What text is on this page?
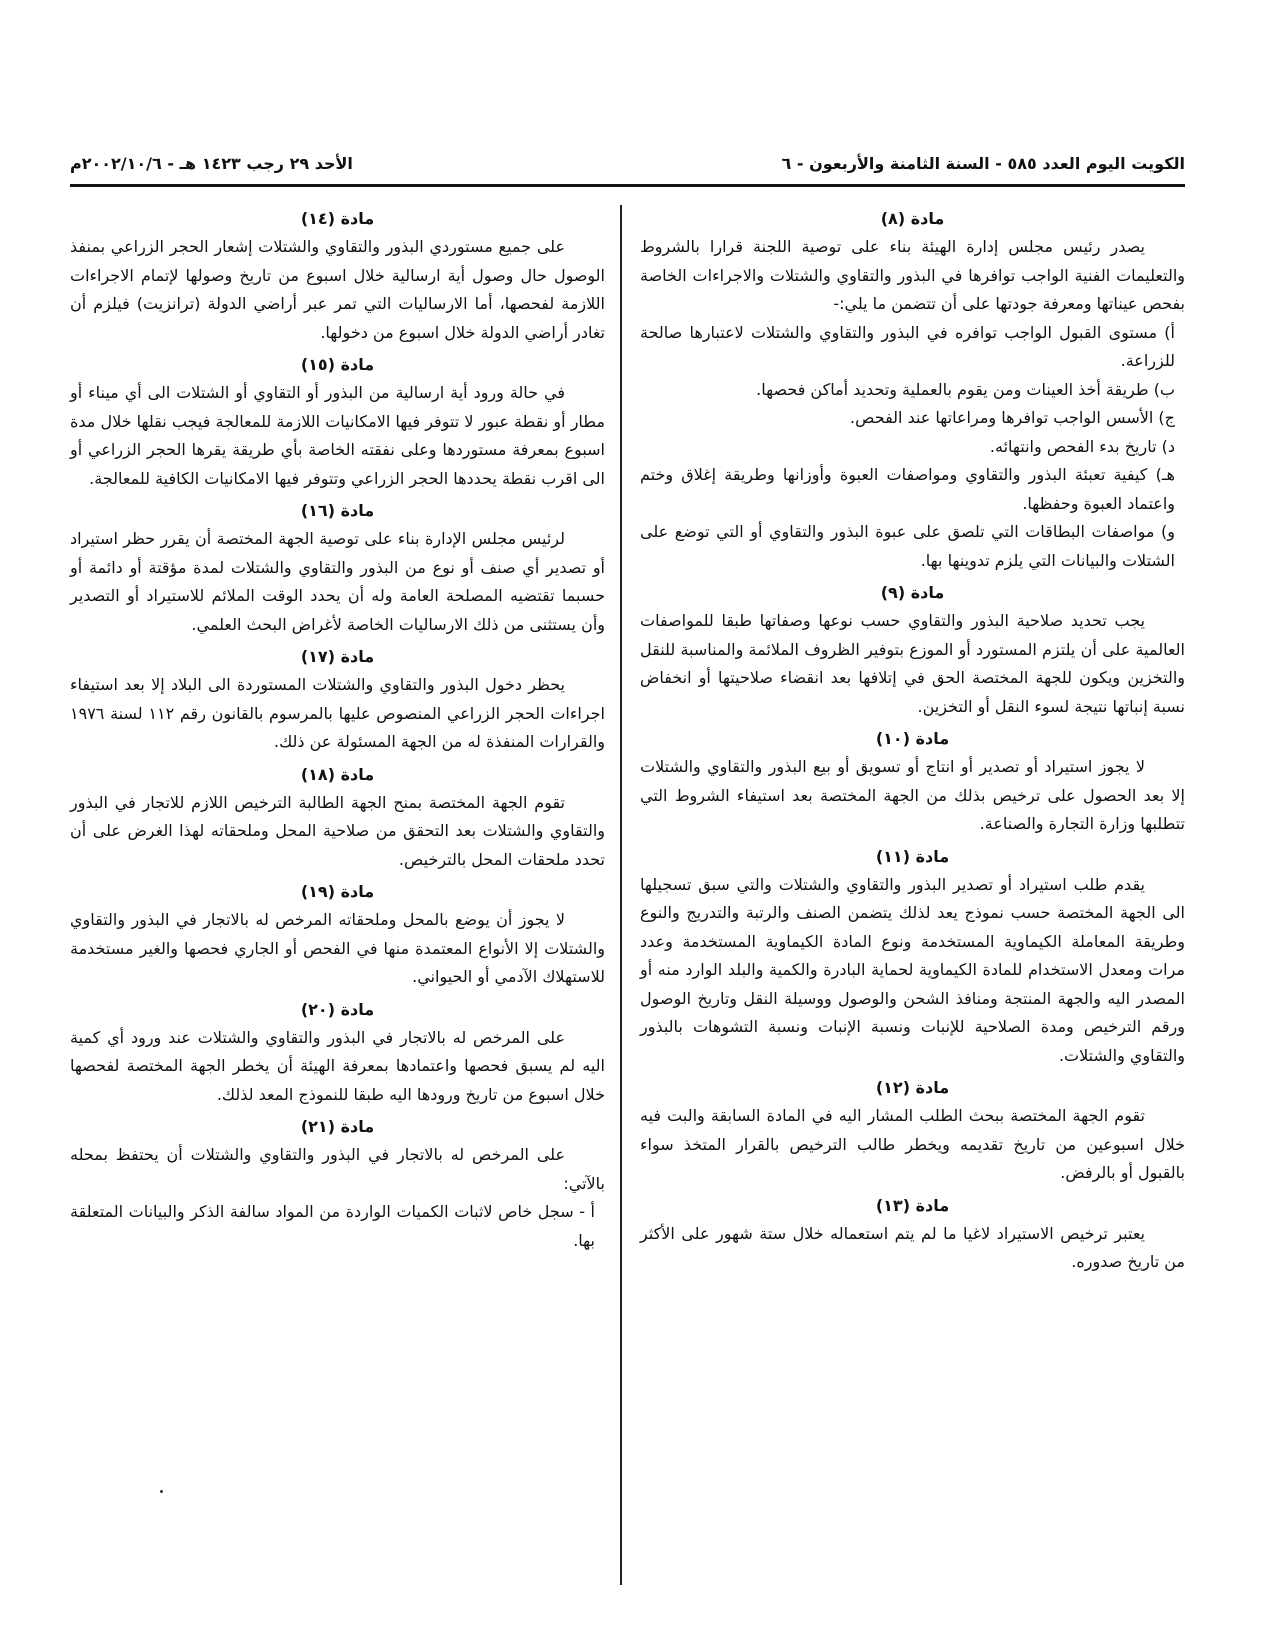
الكويت اليوم العدد ٥٨٥ - السنة الثامنة والأربعون - ٦
الأحد ٢٩ رجب ١٤٢٣ هـ - ٢٠٠٢/١٠/٦م

مادة (٨)

يصدر رئيس مجلس إدارة الهيئة بناء على توصية اللجنة قرارا بالشروط والتعليمات الفنية الواجب توافرها في البذور والتقاوي والشتلات والاجراءات الخاصة بفحص عيناتها ومعرفة جودتها على أن تتضمن ما يلي:-

أ) مستوى القبول الواجب توافره في البذور والتقاوي والشتلات لاعتبارها صالحة للزراعة.

ب) طريقة أخذ العينات ومن يقوم بالعملية وتحديد أماكن فحصها.

ج) الأسس الواجب توافرها ومراعاتها عند الفحص.

د) تاريخ بدء الفحص وانتهائه.

هـ) كيفية تعبئة البذور والتقاوي ومواصفات العبوة وأوزانها وطريقة إغلاق وختم واعتماد العبوة وحفظها.

و) مواصفات البطاقات التي تلصق على عبوة البذور والتقاوي أو التي توضع على الشتلات والبيانات التي يلزم تدوينها بها.

مادة (٩)

يجب تحديد صلاحية البذور والتقاوي حسب نوعها وصفاتها طبقا للمواصفات العالمية على أن يلتزم المستورد أو الموزع بتوفير الظروف الملائمة والمناسبة للنقل والتخزين ويكون للجهة المختصة الحق في إتلافها بعد انقضاء صلاحيتها أو انخفاض نسبة إنباتها نتيجة لسوء النقل أو التخزين.

مادة (١٠)

لا يجوز استيراد أو تصدير أو انتاج أو تسويق أو بيع البذور والتقاوي والشتلات إلا بعد الحصول على ترخيص بذلك من الجهة المختصة بعد استيفاء الشروط التي تتطلبها وزارة التجارة والصناعة.

مادة (١١)

يقدم طلب استيراد أو تصدير البذور والتقاوي والشتلات والتي سبق تسجيلها الى الجهة المختصة حسب نموذج يعد لذلك يتضمن الصنف والرتبة والتدريج والنوع وطريقة المعاملة الكيماوية المستخدمة ونوع المادة الكيماوية المستخدمة وعدد مرات ومعدل الاستخدام للمادة الكيماوية لحماية البادرة والكمية والبلد الوارد منه أو المصدر اليه والجهة المنتجة ومنافذ الشحن والوصول ووسيلة النقل وتاريخ الوصول ورقم الترخيص ومدة الصلاحية للإنبات ونسبة الإنبات ونسبة التشوهات بالبذور والتقاوي والشتلات.

مادة (١٢)

تقوم الجهة المختصة ببحث الطلب المشار اليه في المادة السابقة والبت فيه خلال اسبوعين من تاريخ تقديمه ويخطر طالب الترخيص بالقرار المتخذ سواء بالقبول أو بالرفض.

مادة (١٣)

يعتبر ترخيص الاستيراد لاغيا ما لم يتم استعماله خلال ستة شهور على الأكثر من تاريخ صدوره.

مادة (١٤)

على جميع مستوردي البذور والتقاوي والشتلات إشعار الحجر الزراعي بمنفذ الوصول حال وصول أية ارسالية خلال اسبوع من تاريخ وصولها لإتمام الاجراءات اللازمة لفحصها، أما الارساليات التي تمر عبر أراضي الدولة (ترانزيت) فيلزم أن تغادر أراضي الدولة خلال اسبوع من دخولها.

مادة (١٥)

في حالة ورود أية ارسالية من البذور أو التقاوي أو الشتلات الى أي ميناء أو مطار أو نقطة عبور لا تتوفر فيها الامكانيات اللازمة للمعالجة فيجب نقلها خلال مدة اسبوع بمعرفة مستوردها وعلى نفقته الخاصة بأي طريقة يقرها الحجر الزراعي أو الى اقرب نقطة يحددها الحجر الزراعي وتتوفر فيها الامكانيات الكافية للمعالجة.

مادة (١٦)

لرئيس مجلس الإدارة بناء على توصية الجهة المختصة أن يقرر حظر استيراد أو تصدير أي صنف أو نوع من البذور والتقاوي والشتلات لمدة مؤقتة أو دائمة أو حسبما تقتضيه المصلحة العامة وله أن يحدد الوقت الملائم للاستيراد أو التصدير وأن يستثنى من ذلك الارساليات الخاصة لأغراض البحث العلمي.

مادة (١٧)

يحظر دخول البذور والتقاوي والشتلات المستوردة الى البلاد إلا بعد استيفاء اجراءات الحجر الزراعي المنصوص عليها بالمرسوم بالقانون رقم ١١٢ لسنة ١٩٧٦ والقرارات المنفذة له من الجهة المسئولة عن ذلك.

مادة (١٨)

تقوم الجهة المختصة بمنح الجهة الطالبة الترخيص اللازم للاتجار في البذور والتقاوي والشتلات بعد التحقق من صلاحية المحل وملحقاته لهذا الغرض على أن تحدد ملحقات المحل بالترخيص.

مادة (١٩)

لا يجوز أن يوضع بالمحل وملحقاته المرخص له بالاتجار في البذور والتقاوي والشتلات إلا الأنواع المعتمدة منها في الفحص أو الجاري فحصها والغير مستخدمة للاستهلاك الآدمي أو الحيواني.

مادة (٢٠)

على المرخص له بالاتجار في البذور والتقاوي والشتلات عند ورود أي كمية اليه لم يسبق فحصها واعتمادها بمعرفة الهيئة أن يخطر الجهة المختصة لفحصها خلال اسبوع من تاريخ ورودها اليه طبقا للنموذج المعد لذلك.

مادة (٢١)

على المرخص له بالاتجار في البذور والتقاوي والشتلات أن يحتفظ بمحله بالآتي:

أ - سجل خاص لاثبات الكميات الواردة من المواد سالفة الذكر والبيانات المتعلقة بها.
